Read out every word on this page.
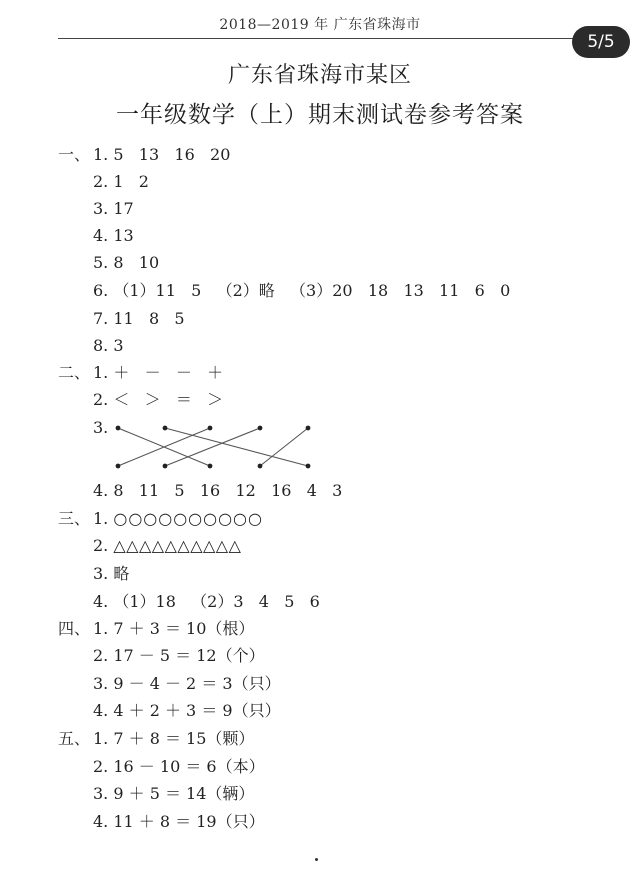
2018—2019 年 广东省珠海市
5/5
广东省珠海市某区
一年级数学（上）期末测试卷参考答案
一、 1. 5   13   16   20
2. 1   2
3. 17
4. 13
5. 8   10
6. （1）11   5   （2）略   （3）20   18   13   11   6   0
7. 11   8   5
8. 3
二、 1. ＋   －   －   ＋
2. ＜   ＞   ＝   ＞
3.
4. 8   11   5   16   12   16   4   3
三、 1. ○○○○○○○○○○
2. △△△△△△△△△△
3. 略
4. （1）18   （2）3   4   5   6
四、 1. 7 ＋ 3 ＝ 10（根）
2. 17 － 5 ＝ 12（个）
3. 9 － 4 － 2 ＝ 3（只）
4. 4 ＋ 2 ＋ 3 ＝ 9（只）
五、 1. 7 ＋ 8 ＝ 15（颗）
2. 16 － 10 ＝ 6（本）
3. 9 ＋ 5 ＝ 14（辆）
4. 11 ＋ 8 ＝ 19（只）
